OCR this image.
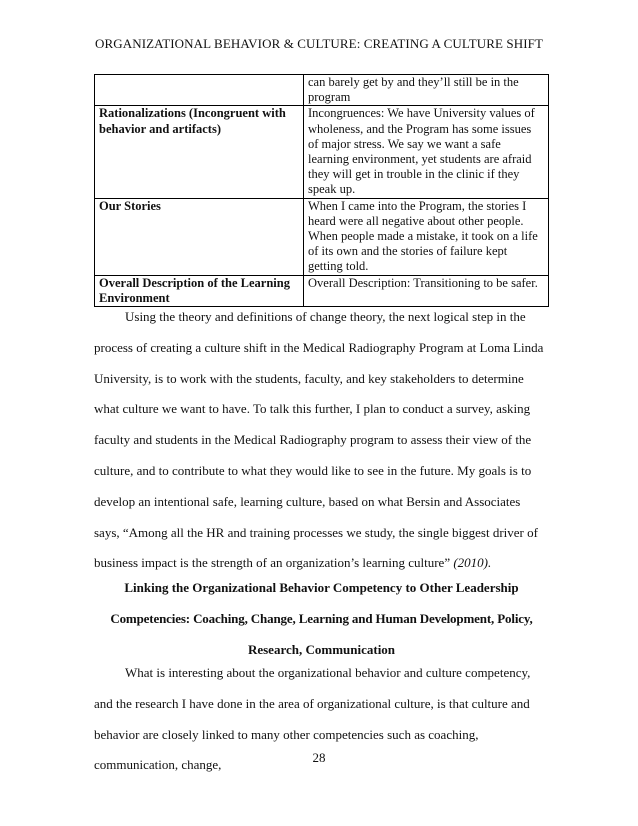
ORGANIZATIONAL BEHAVIOR & CULTURE: CREATING A CULTURE SHIFT
	can barely get by and they’ll still be in the program
Rationalizations (Incongruent with behavior and artifacts)	Incongruences: We have University values of wholeness, and the Program has some issues of major stress. We say we want a safe learning environment, yet students are afraid they will get in trouble in the clinic if they speak up.
Our Stories	When I came into the Program, the stories I heard were all negative about other people. When people made a mistake, it took on a life of its own and the stories of failure kept getting told.
Overall Description of the Learning Environment	Overall Description: Transitioning to be safer.

Using the theory and definitions of change theory, the next logical step in the process of creating a culture shift in the Medical Radiography Program at Loma Linda University, is to work with the students, faculty, and key stakeholders to determine what culture we want to have. To talk this further, I plan to conduct a survey, asking faculty and students in the Medical Radiography program to assess their view of the culture, and to contribute to what they would like to see in the future. My goals is to develop an intentional safe, learning culture, based on what Bersin and Associates says, “Among all the HR and training processes we study, the single biggest driver of business impact is the strength of an organization’s learning culture” (2010).

Linking the Organizational Behavior Competency to Other Leadership

Competencies: Coaching, Change, Learning and Human Development, Policy,

Research, Communication

What is interesting about the organizational behavior and culture competency, and the research I have done in the area of organizational culture, is that culture and behavior are closely linked to many other competencies such as coaching, communication, change,	28
